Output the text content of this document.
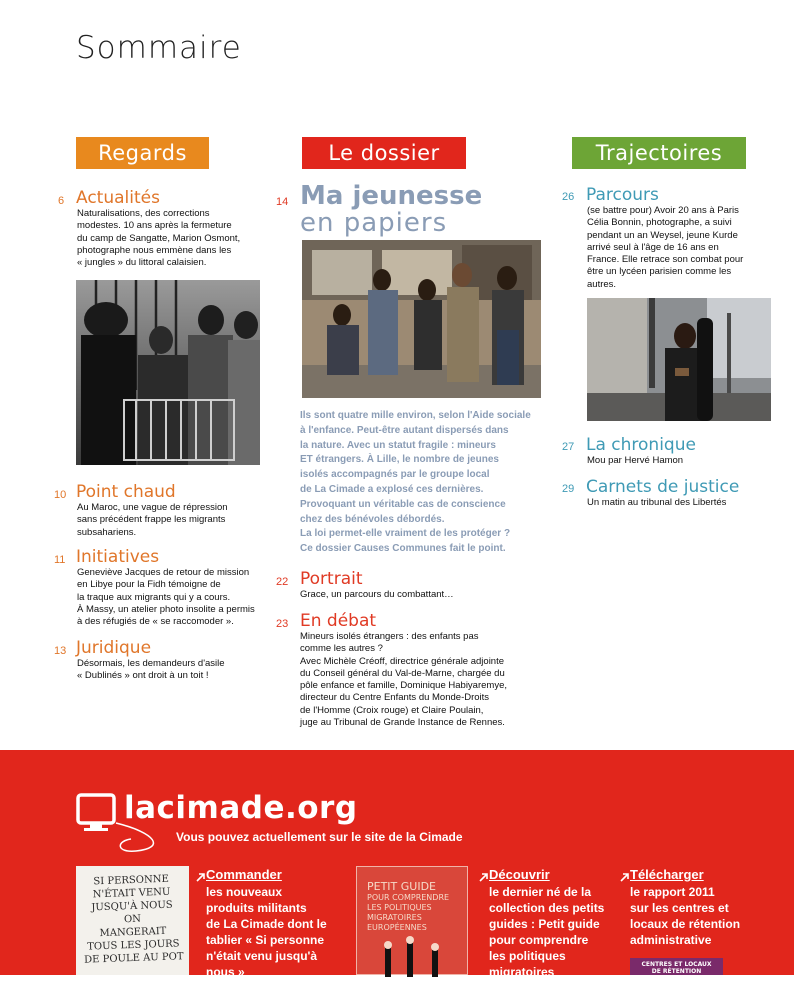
Sommaire
Regards	Le dossier	Trajectoires
6 Actualités
Naturalisations, des corrections
modestes. 10 ans après la fermeture
du camp de Sangatte, Marion Osmont,
photographe nous emmène dans les
« jungles » du littoral calaisien.
10 Point chaud
Au Maroc, une vague de répression
sans précédent frappe les migrants
subsahariens.
11 Initiatives
Geneviève Jacques de retour de mission
en Libye pour la Fidh témoigne de
la traque aux migrants qui y a cours.
À Massy, un atelier photo insolite a permis
à des réfugiés de « se raccomoder ».
13 Juridique
Désormais, les demandeurs d'asile
« Dublinés » ont droit à un toit !
14 Ma jeunesse
en papiers
Ils sont quatre mille environ, selon l'Aide sociale
à l'enfance. Peut-être autant dispersés dans
la nature. Avec un statut fragile : mineurs
ET étrangers. À Lille, le nombre de jeunes
isolés accompagnés par le groupe local
de La Cimade a explosé ces dernières.
Provoquant un véritable cas de conscience
chez des bénévoles débordés.
La loi permet-elle vraiment de les protéger ?
Ce dossier Causes Communes fait le point.
22 Portrait
Grace, un parcours du combattant…
23 En débat
Mineurs isolés étrangers : des enfants pas
comme les autres ?
Avec Michèle Créoff, directrice générale adjointe
du Conseil général du Val-de-Marne, chargée du
pôle enfance et famille, Dominique Habiyaremye,
directeur du Centre Enfants du Monde-Droits
de l'Homme (Croix rouge) et Claire Poulain,
juge au Tribunal de Grande Instance de Rennes.
26 Parcours
(se battre pour) Avoir 20 ans à Paris
Célia Bonnin, photographe, a suivi
pendant un an Weysel, jeune Kurde
arrivé seul à l'âge de 16 ans en
France. Elle retrace son combat pour
être un lycéen parisien comme les
autres.
27 La chronique
Mou par Hervé Hamon
29 Carnets de justice
Un matin au tribunal des Libertés
lacimade.org
Vous pouvez actuellement sur le site de la Cimade
SI PERSONNE
N'ÉTAIT VENU
JUSQU'À NOUS
ON
MANGERAIT
TOUS LES JOURS
DE POULE AU POT
Commander
les nouveaux
produits militants
de La Cimade dont le
tablier « Si personne
n'était venu jusqu'à
nous »
PETIT GUIDE
POUR COMPRENDRE
LES POLITIQUES
MIGRATOIRES
EUROPÉENNES
Découvrir
le dernier né de la
collection des petits
guides : Petit guide
pour comprendre
les politiques
migratoires
Télécharger
le rapport 2011
sur les centres et
locaux de rétention
administrative
CENTRES ET LOCAUX
DE RÉTENTION ADMINISTRATIVE
